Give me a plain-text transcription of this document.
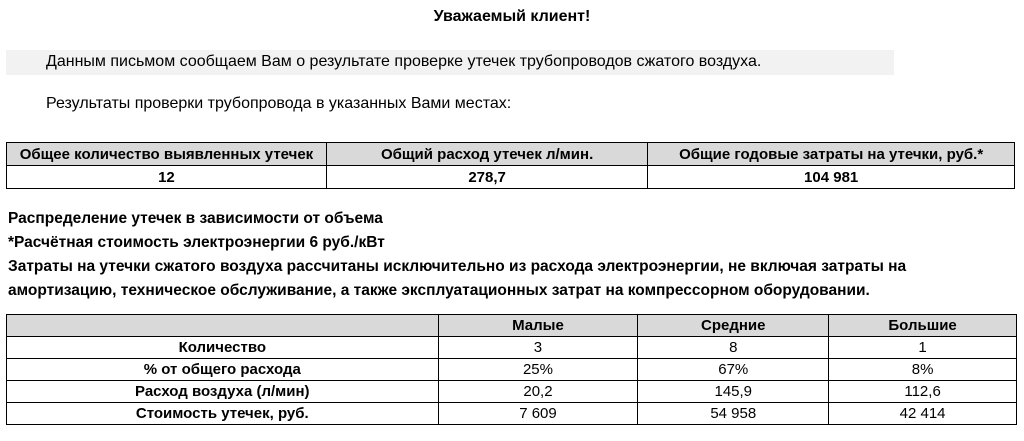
Уважаемый клиент!
Данным письмом сообщаем Вам о результате проверке утечек трубопроводов сжатого воздуха.
Результаты проверки трубопровода в указанных Вами местах:
Общее количество выявленных утечек	Общий расход утечек л/мин.	Общие годовые затраты на утечки, руб.*
12	278,7	104 981
Распределение утечек в зависимости от объема
*Расчётная стоимость электроэнергии 6 руб./кВт
Затраты на утечки сжатого воздуха рассчитаны исключительно из расхода электроэнергии, не включая затраты на
амортизацию, техническое обслуживание, а также эксплуатационных затрат на компрессорном оборудовании.
	Малые	Средние	Большие
Количество	3	8	1
% от общего расхода	25%	67%	8%
Расход воздуха (л/мин)	20,2	145,9	112,6
Стоимость утечек, руб.	7 609	54 958	42 414
